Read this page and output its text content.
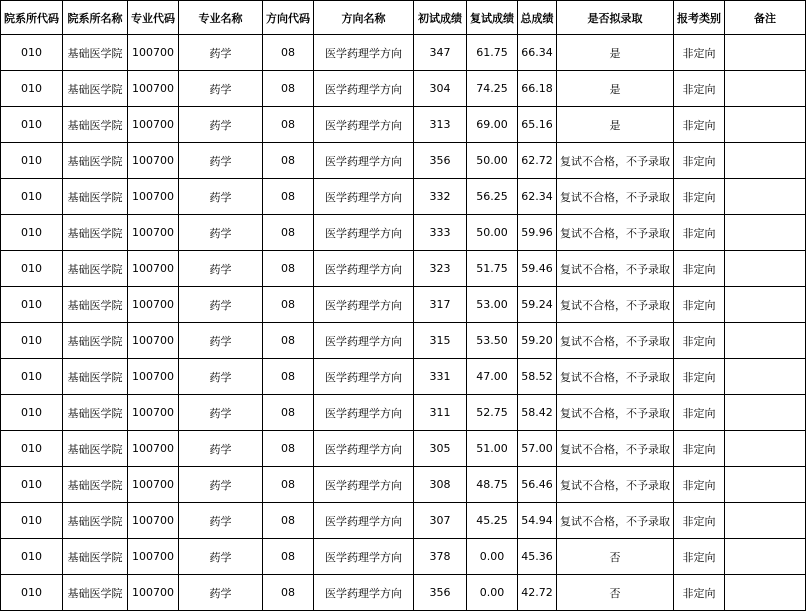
院系所代码	院系所名称	专业代码	专业名称	方向代码	方向名称	初试成绩	复试成绩	总成绩	是否拟录取	报考类别	备注
010	基础医学院	100700	药学	08	医学药理学方向	347	61.75	66.34	是	非定向	
010	基础医学院	100700	药学	08	医学药理学方向	304	74.25	66.18	是	非定向	
010	基础医学院	100700	药学	08	医学药理学方向	313	69.00	65.16	是	非定向	
010	基础医学院	100700	药学	08	医学药理学方向	356	50.00	62.72	复试不合格，不予录取	非定向	
010	基础医学院	100700	药学	08	医学药理学方向	332	56.25	62.34	复试不合格，不予录取	非定向	
010	基础医学院	100700	药学	08	医学药理学方向	333	50.00	59.96	复试不合格，不予录取	非定向	
010	基础医学院	100700	药学	08	医学药理学方向	323	51.75	59.46	复试不合格，不予录取	非定向	
010	基础医学院	100700	药学	08	医学药理学方向	317	53.00	59.24	复试不合格，不予录取	非定向	
010	基础医学院	100700	药学	08	医学药理学方向	315	53.50	59.20	复试不合格，不予录取	非定向	
010	基础医学院	100700	药学	08	医学药理学方向	331	47.00	58.52	复试不合格，不予录取	非定向	
010	基础医学院	100700	药学	08	医学药理学方向	311	52.75	58.42	复试不合格，不予录取	非定向	
010	基础医学院	100700	药学	08	医学药理学方向	305	51.00	57.00	复试不合格，不予录取	非定向	
010	基础医学院	100700	药学	08	医学药理学方向	308	48.75	56.46	复试不合格，不予录取	非定向	
010	基础医学院	100700	药学	08	医学药理学方向	307	45.25	54.94	复试不合格，不予录取	非定向	
010	基础医学院	100700	药学	08	医学药理学方向	378	0.00	45.36	否	非定向	
010	基础医学院	100700	药学	08	医学药理学方向	356	0.00	42.72	否	非定向	
